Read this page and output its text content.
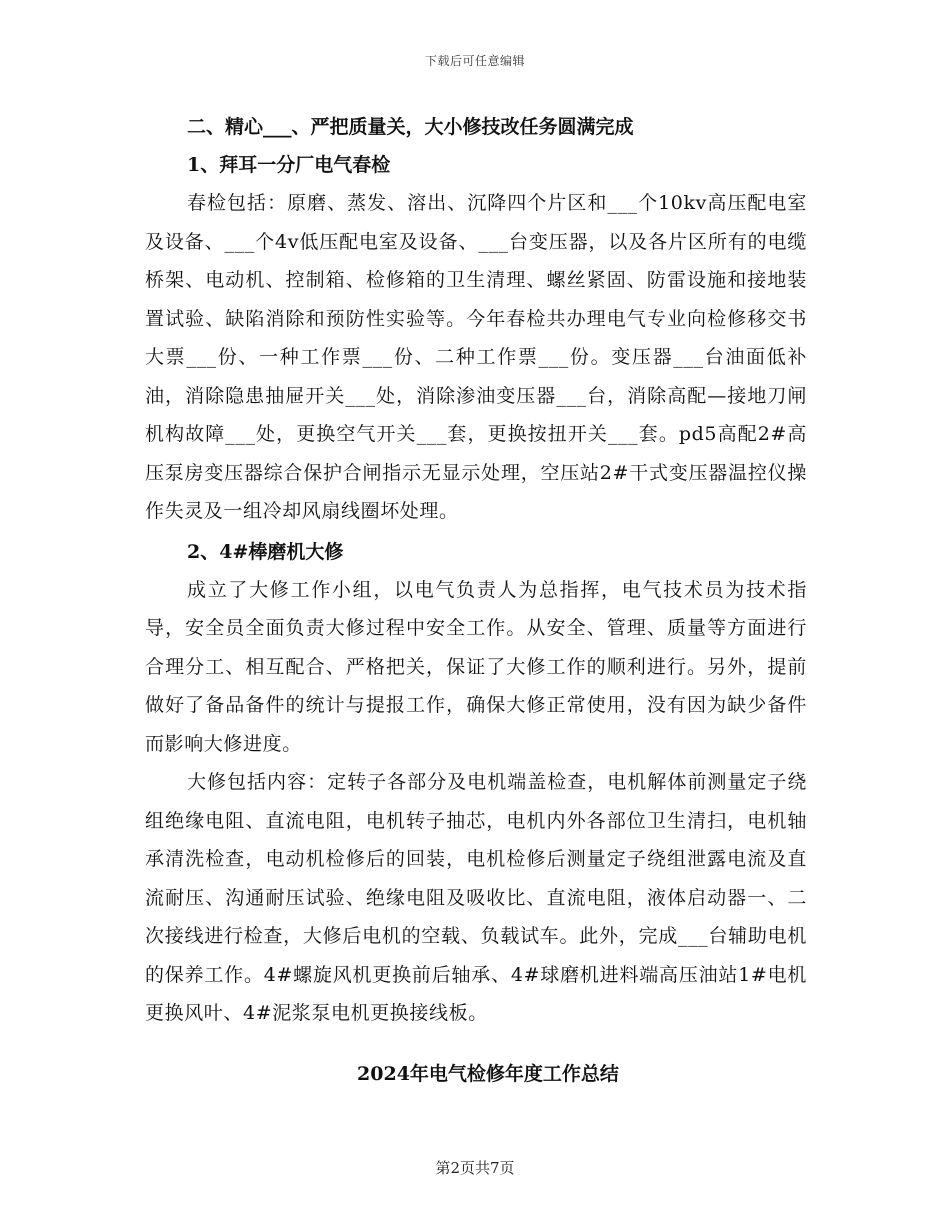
下载后可任意编辑

二、精心___、严把质量关，大小修技改任务圆满完成

1、拜耳一分厂电气春检

春检包括：原磨、蒸发、溶出、沉降四个片区和___个10kv高压配电室及设备、___个4v低压配电室及设备、___台变压器，以及各片区所有的电缆桥架、电动机、控制箱、检修箱的卫生清理、螺丝紧固、防雷设施和接地装置试验、缺陷消除和预防性实验等。今年春检共办理电气专业向检修移交书大票___份、一种工作票___份、二种工作票___份。变压器___台油面低补油，消除隐患抽屉开关___处，消除渗油变压器___台，消除高配—接地刀闸机构故障___处，更换空气开关___套，更换按扭开关___套。pd5高配2#高压泵房变压器综合保护合闸指示无显示处理，空压站2#干式变压器温控仪操作失灵及一组冷却风扇线圈坏处理。

2、4#棒磨机大修

成立了大修工作小组，以电气负责人为总指挥，电气技术员为技术指导，安全员全面负责大修过程中安全工作。从安全、管理、质量等方面进行合理分工、相互配合、严格把关，保证了大修工作的顺利进行。另外，提前做好了备品备件的统计与提报工作，确保大修正常使用，没有因为缺少备件而影响大修进度。

大修包括内容：定转子各部分及电机端盖检查，电机解体前测量定子绕组绝缘电阻、直流电阻，电机转子抽芯，电机内外各部位卫生清扫，电机轴承清洗检查，电动机检修后的回装，电机检修后测量定子绕组泄露电流及直流耐压、沟通耐压试验、绝缘电阻及吸收比、直流电阻，液体启动器一、二次接线进行检查，大修后电机的空载、负载试车。此外，完成___台辅助电机的保养工作。4#螺旋风机更换前后轴承、4#球磨机进料端高压油站1#电机更换风叶、4#泥浆泵电机更换接线板。

2024年电气检修年度工作总结
第2页共7页
